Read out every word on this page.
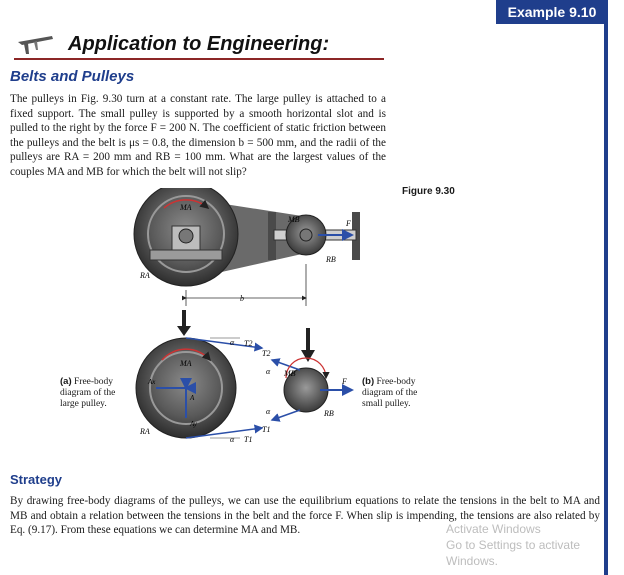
Example 9.10
Application to Engineering:
Belts and Pulleys
The pulleys in Fig. 9.30 turn at a constant rate. The large pulley is attached to a fixed support. The small pulley is supported by a smooth horizontal slot and is pulled to the right by the force F = 200 N. The coefficient of static friction between the pulleys and the belt is μs = 0.8, the dimension b = 500 mm, and the radii of the pulleys are RA = 200 mm and RB = 100 mm. What are the largest values of the couples MA and MB for which the belt will not slip?
Figure 9.30
MA
MB	F
RA
RB
b
α T2
T2
α
MA
MB
F
A
Ax
Ay
RA
RB
α
α T1
T1
(a) Free-body diagram of the large pulley.
(b) Free-body diagram of the small pulley.
Strategy
By drawing free-body diagrams of the pulleys, we can use the equilibrium equations to relate the tensions in the belt to MA and MB and obtain a relation between the tensions in the belt and the force F. When slip is impending, the tensions are also related by Eq. (9.17). From these equations we can determine MA and MB.	Activate Windows
Go to Settings to activate Windows.
